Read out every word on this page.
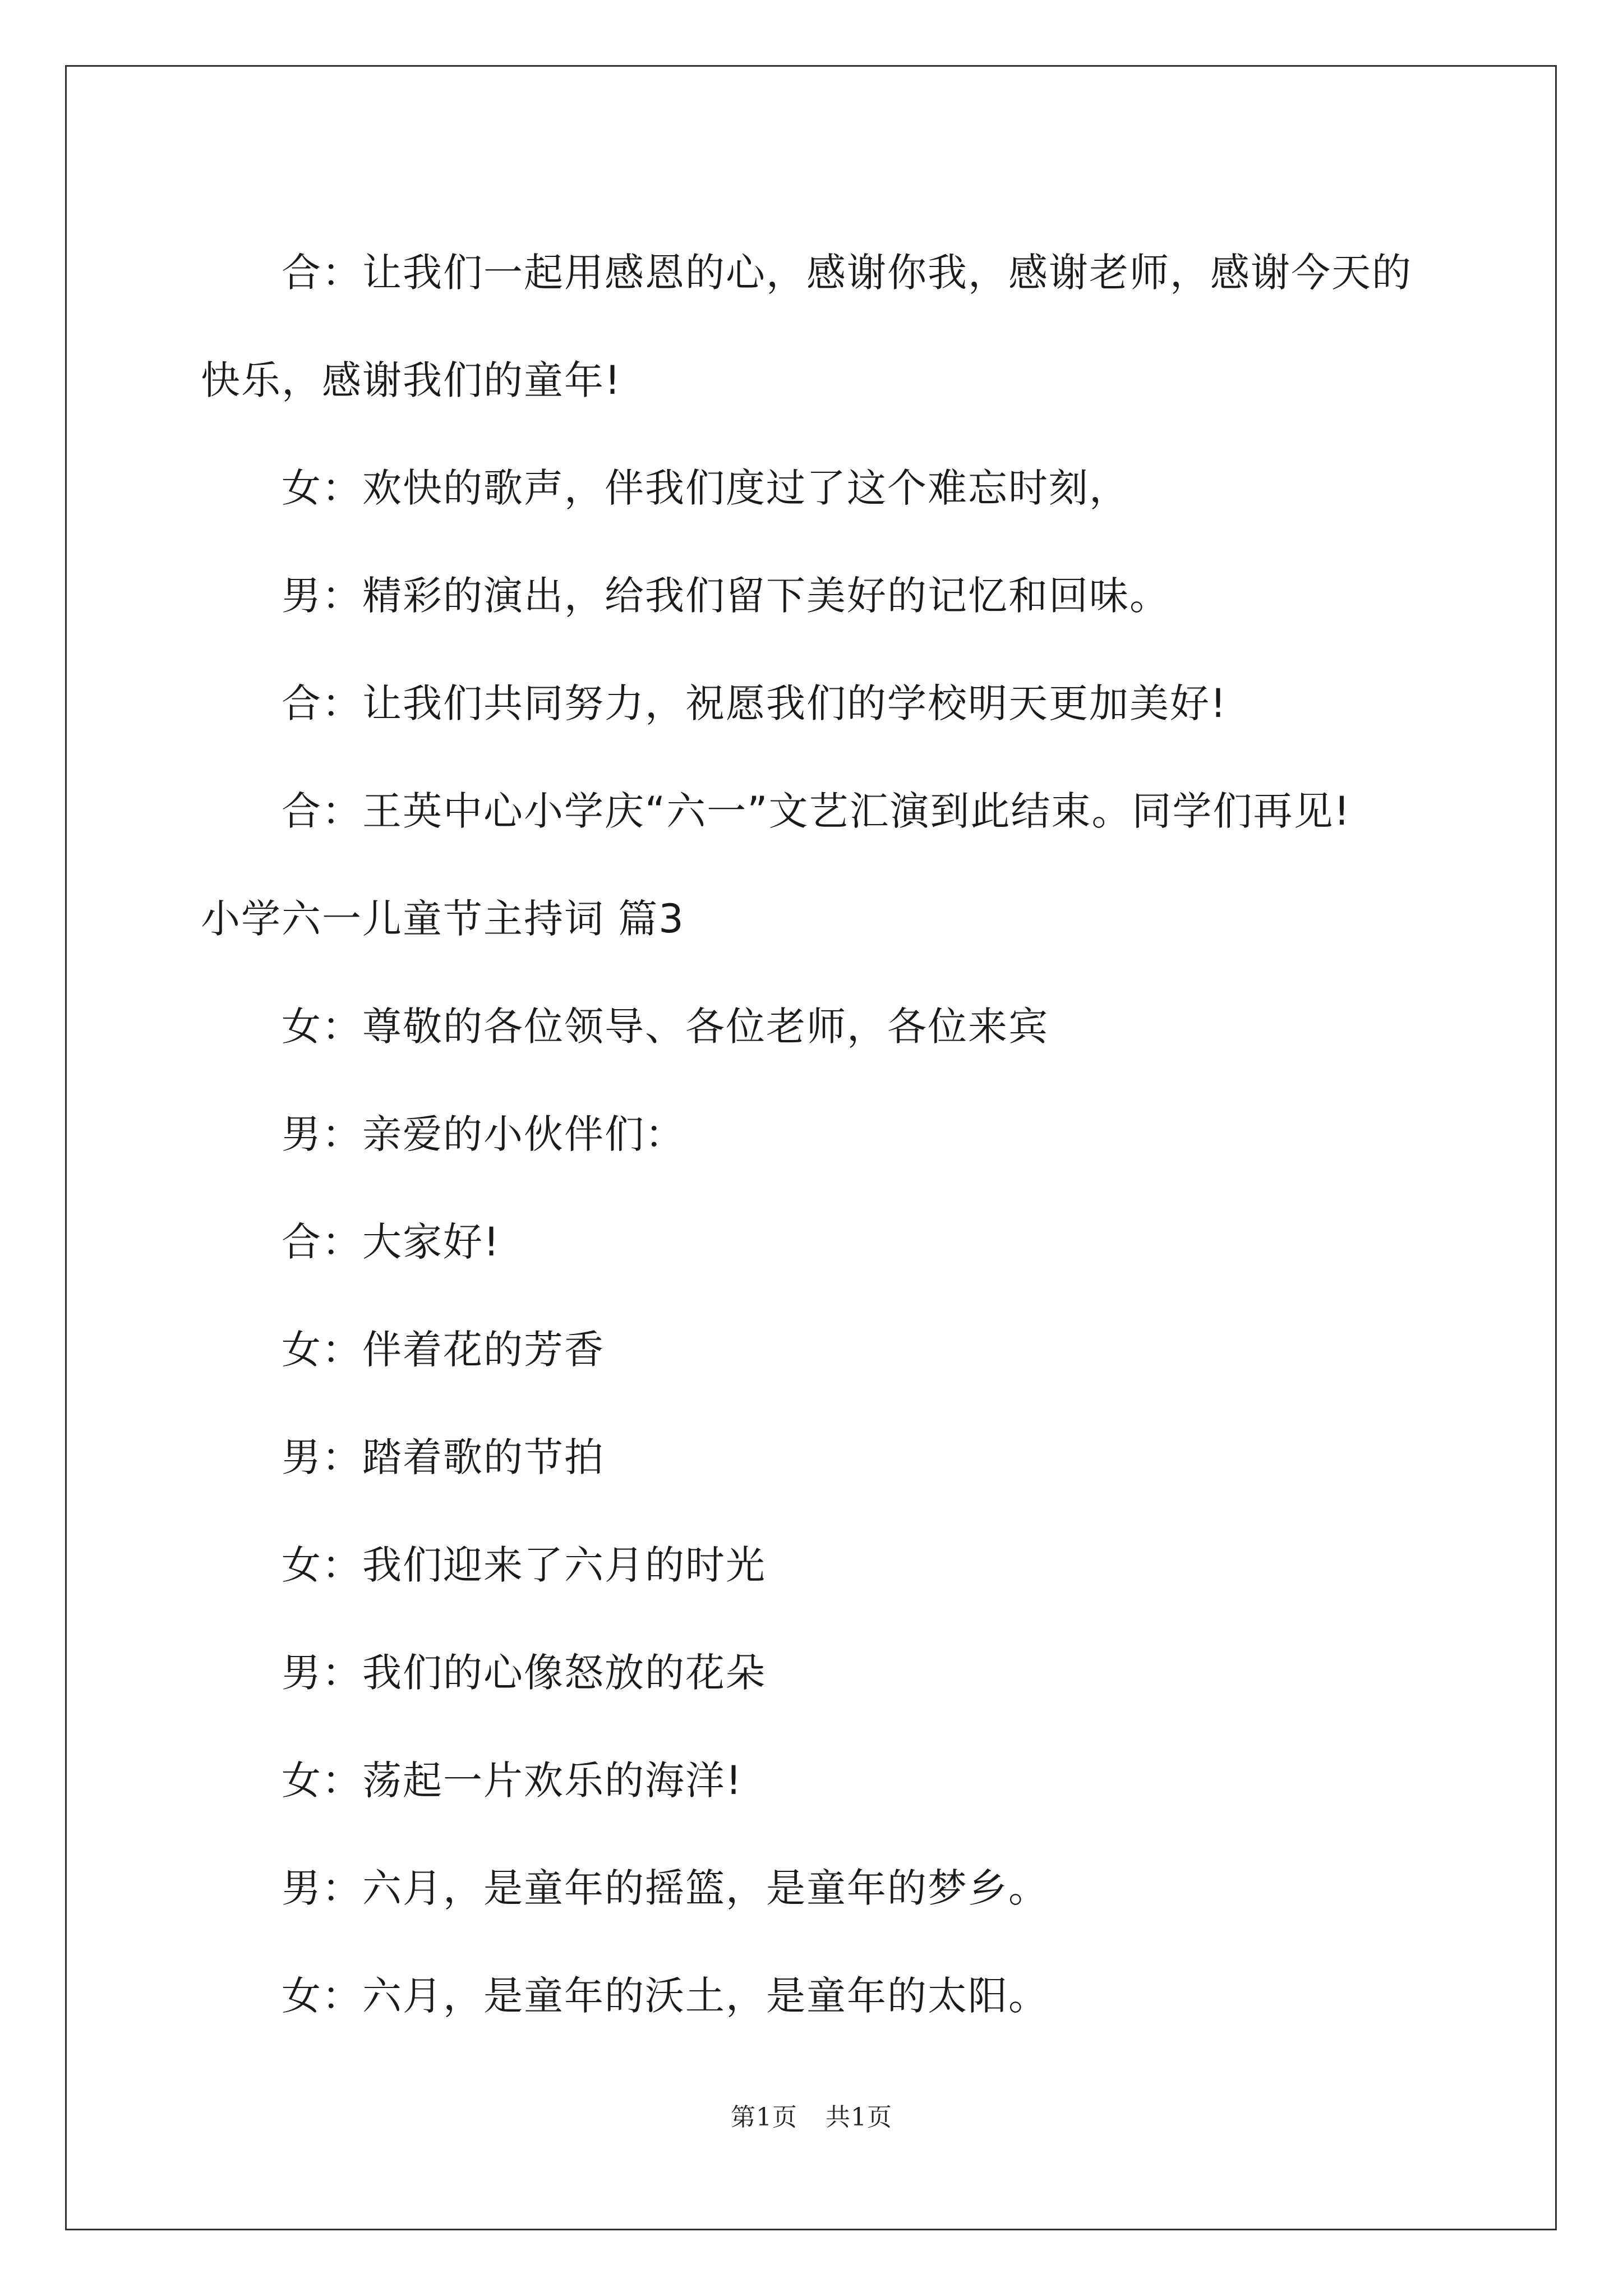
合：让我们一起用感恩的心，感谢你我，感谢老师，感谢今天的快乐，感谢我们的童年!

女：欢快的歌声，伴我们度过了这个难忘时刻，

男：精彩的演出，给我们留下美好的记忆和回味。

合：让我们共同努力，祝愿我们的学校明天更加美好!

合：王英中心小学庆“六一”文艺汇演到此结束。同学们再见!

小学六一儿童节主持词 篇3

女：尊敬的各位领导、各位老师，各位来宾

男：亲爱的小伙伴们：

合：大家好!

女：伴着花的芳香

男：踏着歌的节拍

女：我们迎来了六月的时光

男：我们的心像怒放的花朵

女：荡起一片欢乐的海洋!

男：六月，是童年的摇篮，是童年的梦乡。

女：六月，是童年的沃土，是童年的太阳。

第1页 共1页
